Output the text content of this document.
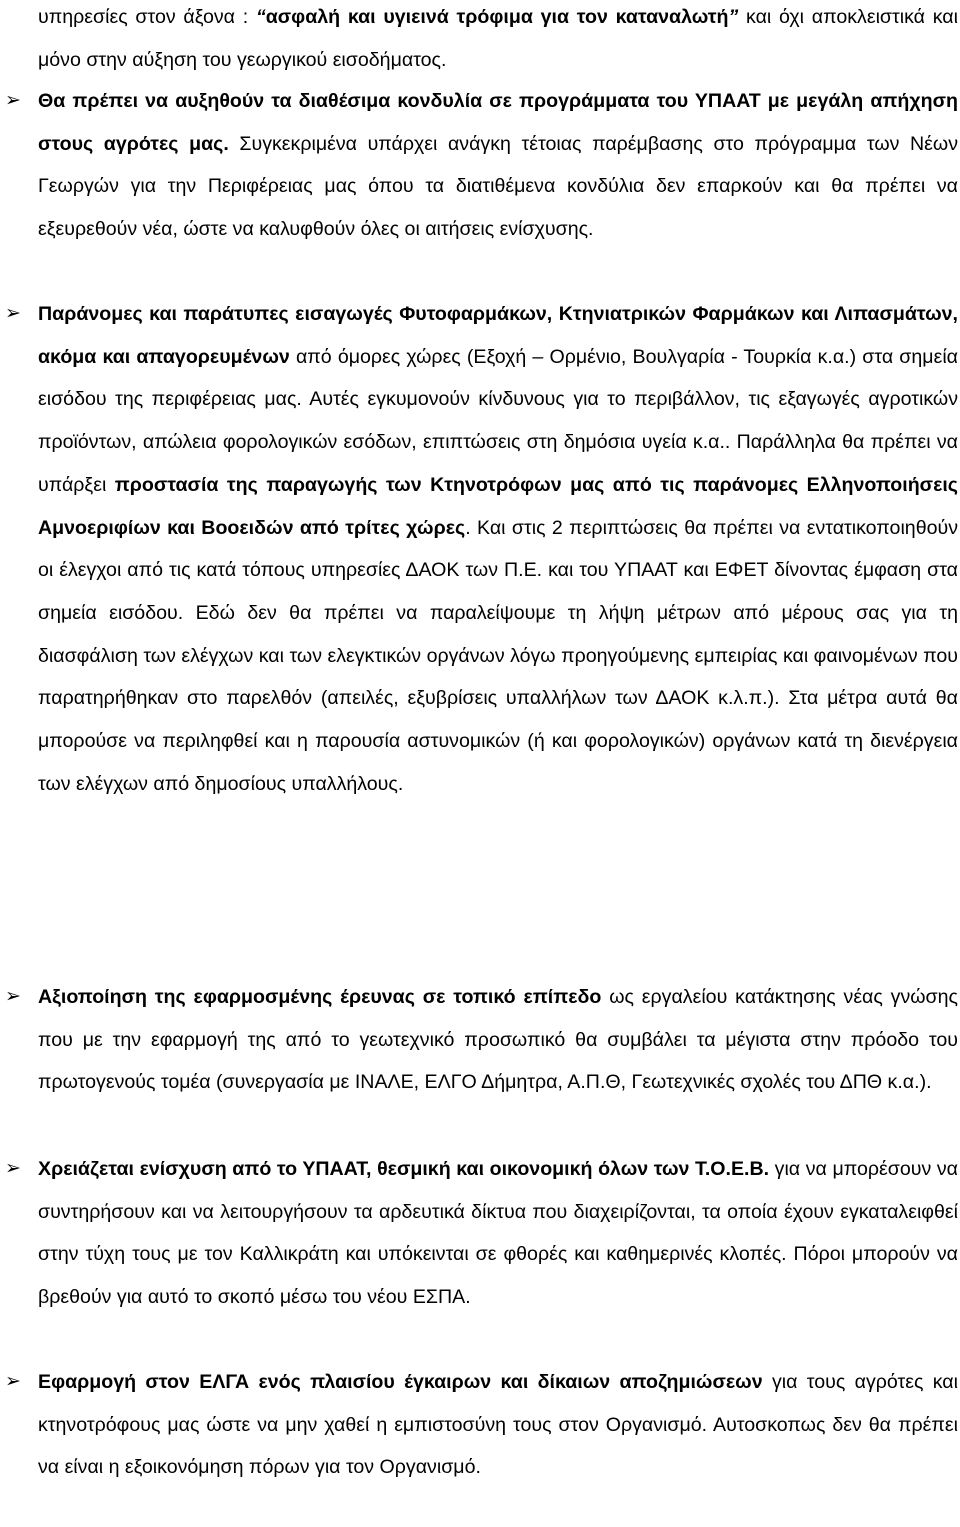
υπηρεσίες στον άξονα : “ασφαλή και υγιεινά τρόφιμα για τον καταναλωτή” και όχι αποκλειστικά και μόνο στην αύξηση του γεωργικού εισοδήματος.

➢ Θα πρέπει να αυξηθούν τα διαθέσιμα κονδυλία σε προγράμματα του ΥΠΑΑΤ με μεγάλη απήχηση στους αγρότες μας. Συγκεκριμένα υπάρχει ανάγκη τέτοιας παρέμβασης στο πρόγραμμα των Νέων Γεωργών για την Περιφέρειας μας όπου τα διατιθέμενα κονδύλια δεν επαρκούν και θα πρέπει να εξευρεθούν νέα, ώστε να καλυφθούν όλες οι αιτήσεις ενίσχυσης.

➢ Παράνομες και παράτυπες εισαγωγές Φυτοφαρμάκων, Κτηνιατρικών Φαρμάκων και Λιπασμάτων, ακόμα και απαγορευμένων από όμορες χώρες (Εξοχή – Ορμένιο, Βουλγαρία - Τουρκία κ.α.) στα σημεία εισόδου της περιφέρειας μας. Αυτές εγκυμονούν κίνδυνους για το περιβάλλον, τις εξαγωγές αγροτικών προϊόντων, απώλεια φορολογικών εσόδων, επιπτώσεις στη δημόσια υγεία κ.α.. Παράλληλα θα πρέπει να υπάρξει προστασία της παραγωγής των Κτηνοτρόφων μας από τις παράνομες Ελληνοποιήσεις Αμνοεριφίων και Βοοειδών από τρίτες χώρες. Και στις 2 περιπτώσεις θα πρέπει να εντατικοποιηθούν οι έλεγχοι από τις κατά τόπους υπηρεσίες ΔΑΟΚ των Π.Ε. και του ΥΠΑΑΤ και ΕΦΕΤ δίνοντας έμφαση στα σημεία εισόδου. Εδώ δεν θα πρέπει να παραλείψουμε τη λήψη μέτρων από μέρους σας για τη διασφάλιση των ελέγχων και των ελεγκτικών οργάνων λόγω προηγούμενης εμπειρίας και φαινομένων που παρατηρήθηκαν στο παρελθόν (απειλές, εξυβρίσεις υπαλλήλων των ΔΑΟΚ κ.λ.π.). Στα μέτρα αυτά θα μπορούσε να περιληφθεί και η παρουσία αστυνομικών (ή και φορολογικών) οργάνων κατά τη διενέργεια των ελέγχων από δημοσίους υπαλλήλους.

➢ Αξιοποίηση της εφαρμοσμένης έρευνας σε τοπικό επίπεδο ως εργαλείου κατάκτησης νέας γνώσης που με την εφαρμογή της από το γεωτεχνικό προσωπικό θα συμβάλει τα μέγιστα στην πρόοδο του πρωτογενούς τομέα (συνεργασία με ΙΝΑΛΕ, ΕΛΓΟ Δήμητρα, Α.Π.Θ, Γεωτεχνικές σχολές του ΔΠΘ κ.α.).

➢ Χρειάζεται ενίσχυση από το ΥΠΑΑΤ, θεσμική και οικονομική όλων των Τ.Ο.Ε.Β. για να μπορέσουν να συντηρήσουν και να λειτουργήσουν τα αρδευτικά δίκτυα που διαχειρίζονται, τα οποία έχουν εγκαταλειφθεί στην τύχη τους με τον Καλλικράτη και υπόκεινται σε φθορές και καθημερινές κλοπές. Πόροι μπορούν να βρεθούν για αυτό το σκοπό μέσω του νέου ΕΣΠΑ.

➢ Εφαρμογή στον ΕΛΓΑ ενός πλαισίου έγκαιρων και δίκαιων αποζημιώσεων για τους αγρότες και κτηνοτρόφους μας ώστε να μην χαθεί η εμπιστοσύνη τους στον Οργανισμό. Αυτοσκοπως δεν θα πρέπει να είναι η εξοικονόμηση πόρων για τον Οργανισμό.
